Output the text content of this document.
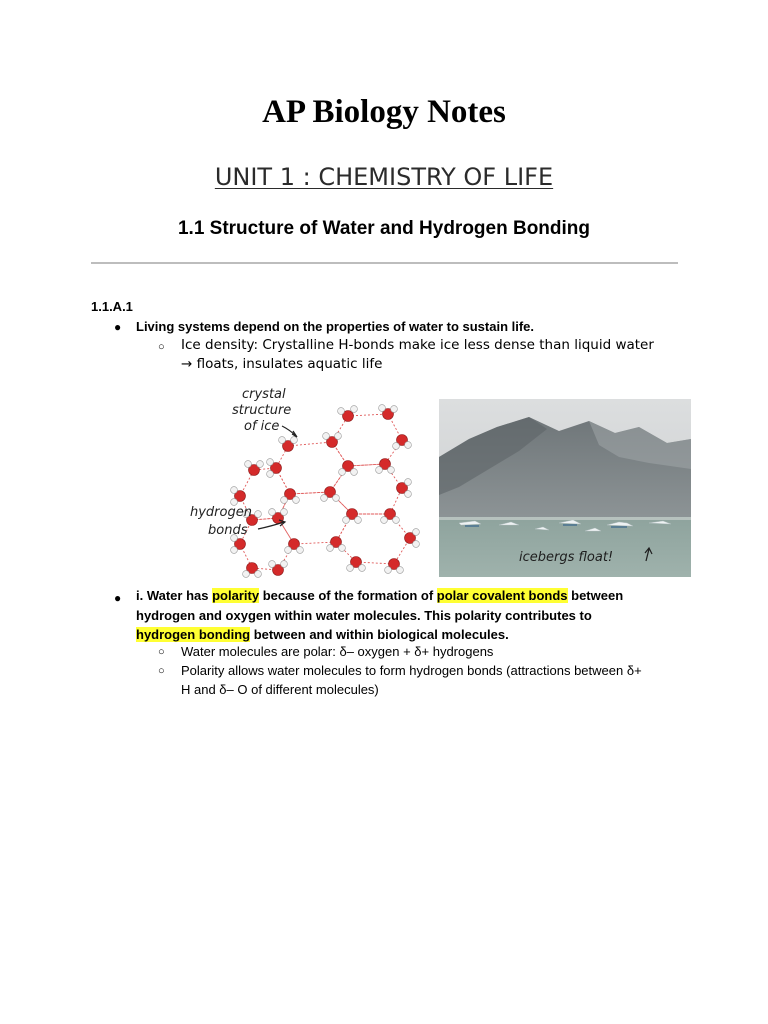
AP Biology Notes
UNIT 1 : CHEMISTRY OF LIFE
1.1 Structure of Water and Hydrogen Bonding
1.1.A.1
● Living systems depend on the properties of water to sustain life.
○ Ice density: Crystalline H-bonds make ice less dense than liquid water
→ floats, insulates aquatic life
crystal
structure
of ice
hydrogen
bonds
icebergs float!
● i. Water has polarity because of the formation of polar covalent bonds between
hydrogen and oxygen within water molecules. This polarity contributes to
hydrogen bonding between and within biological molecules.
○ Water molecules are polar: δ– oxygen + δ+ hydrogens
○ Polarity allows water molecules to form hydrogen bonds (attractions between δ+
H and δ– O of different molecules)
